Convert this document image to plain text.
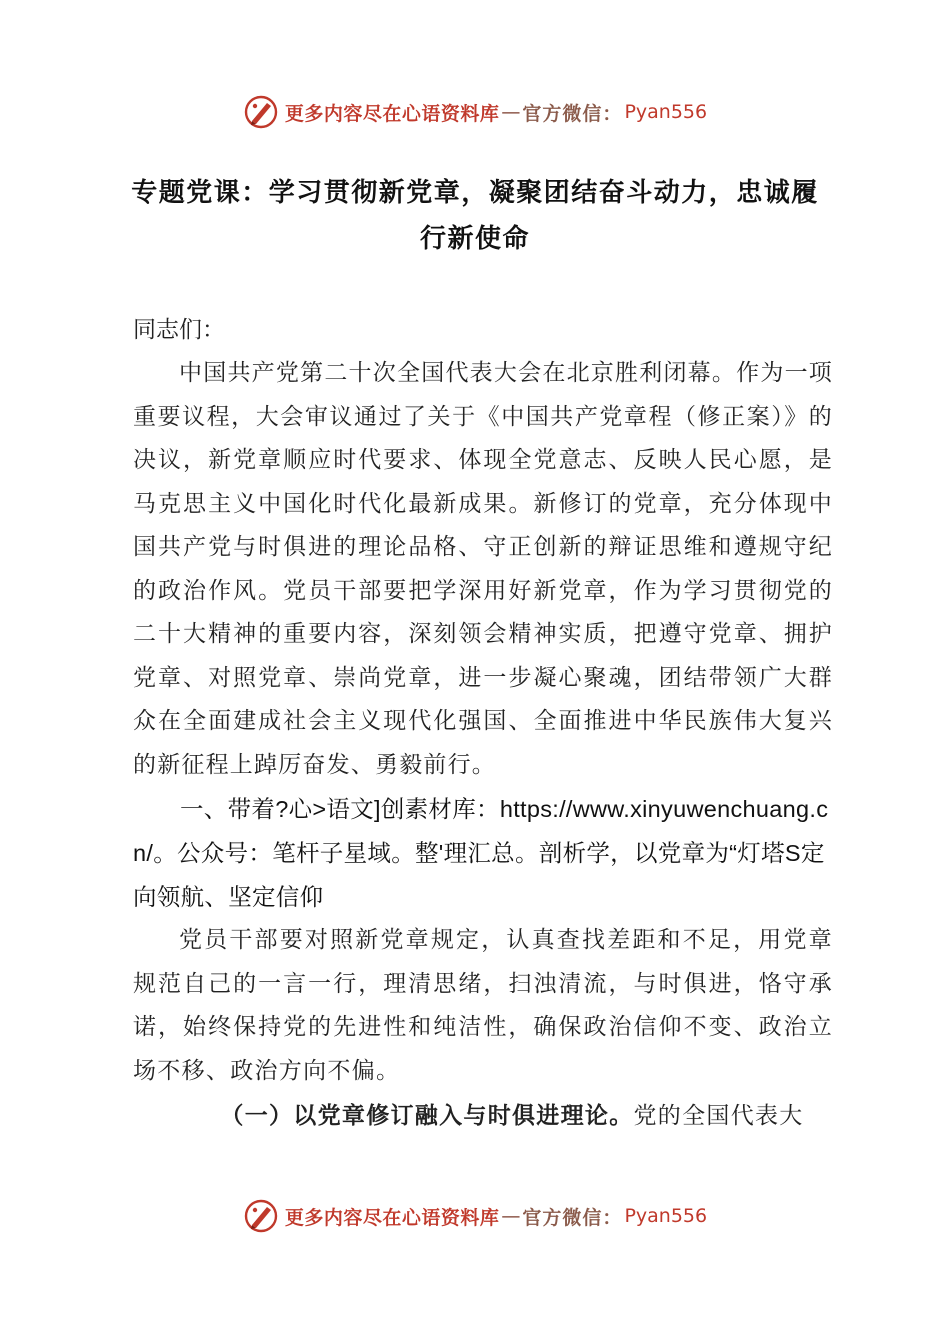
更多内容尽在心语资料库 — 官方微信： Pyan556
专题党课：学习贯彻新党章，凝聚团结奋斗动力，忠诚履行新使命

同志们：

中国共产党第二十次全国代表大会在北京胜利闭幕。作为一项重要议程，大会审议通过了关于《中国共产党章程（修正案）》的决议，新党章顺应时代要求、体现全党意志、反映人民心愿，是马克思主义中国化时代化最新成果。新修订的党章，充分体现中国共产党与时俱进的理论品格、守正创新的辩证思维和遵规守纪的政治作风。党员干部要把学深用好新党章，作为学习贯彻党的二十大精神的重要内容，深刻领会精神实质，把遵守党章、拥护党章、对照党章、崇尚党章，进一步凝心聚魂，团结带领广大群众在全面建成社会主义现代化强国、全面推进中华民族伟大复兴的新征程上踔厉奋发、勇毅前行。

一、带着?心>语文]创素材库：https://www.xinyuwenchuang.cn/。公众号：笔杆子星域。整'理汇总。剖析学，以党章为“灯塔S定向领航、坚定信仰

党员干部要对照新党章规定，认真查找差距和不足，用党章规范自己的一言一行，理清思绪，扫浊清流，与时俱进，恪守承诺，始终保持党的先进性和纯洁性，确保政治信仰不变、政治立场不移、政治方向不偏。

（一）以党章修订融入与时俱进理论。党的全国代表大

更多内容尽在心语资料库 — 官方微信： Pyan556
